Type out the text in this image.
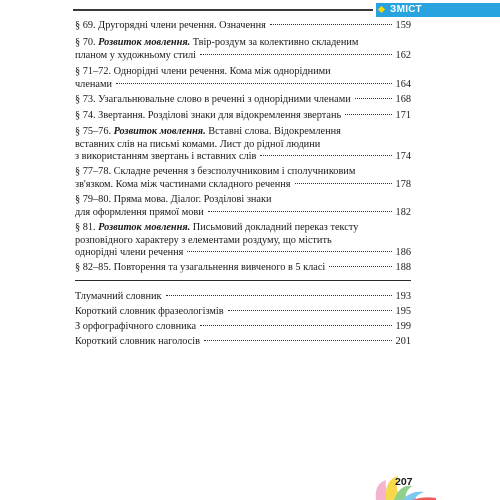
ЗМІСТ
§ 69. Другорядні члени речення. Означення	159
§ 70. Розвиток мовлення. Твір-роздум за колективно складеним
планом у художньому стилі	162
§ 71–72. Однорідні члени речення. Кома між однорідними
членами	164
§ 73. Узагальнювальне слово в реченні з однорідними членами	168
§ 74. Звертання. Розділові знаки для відокремлення звертань	171
§ 75–76. Розвиток мовлення. Вставні слова. Відокремлення
вставних слів на письмі комами. Лист до рідної людини
з використанням звертань і вставних слів	174
§ 77–78. Складне речення з безсполучниковим і сполучниковим
зв'язком. Кома між частинами складного речення	178
§ 79–80. Пряма мова. Діалог. Розділові знаки
для оформлення прямої мови	182
§ 81. Розвиток мовлення. Письмовий докладний переказ тексту
розповідного характеру з елементами роздуму, що містить
однорідні члени речення	186
§ 82–85. Повторення та узагальнення вивченого в 5 класі	188
Тлумачний словник	193
Короткий словник фразеологізмів	195
З орфографічного словника	199
Короткий словник наголосів	201
207
